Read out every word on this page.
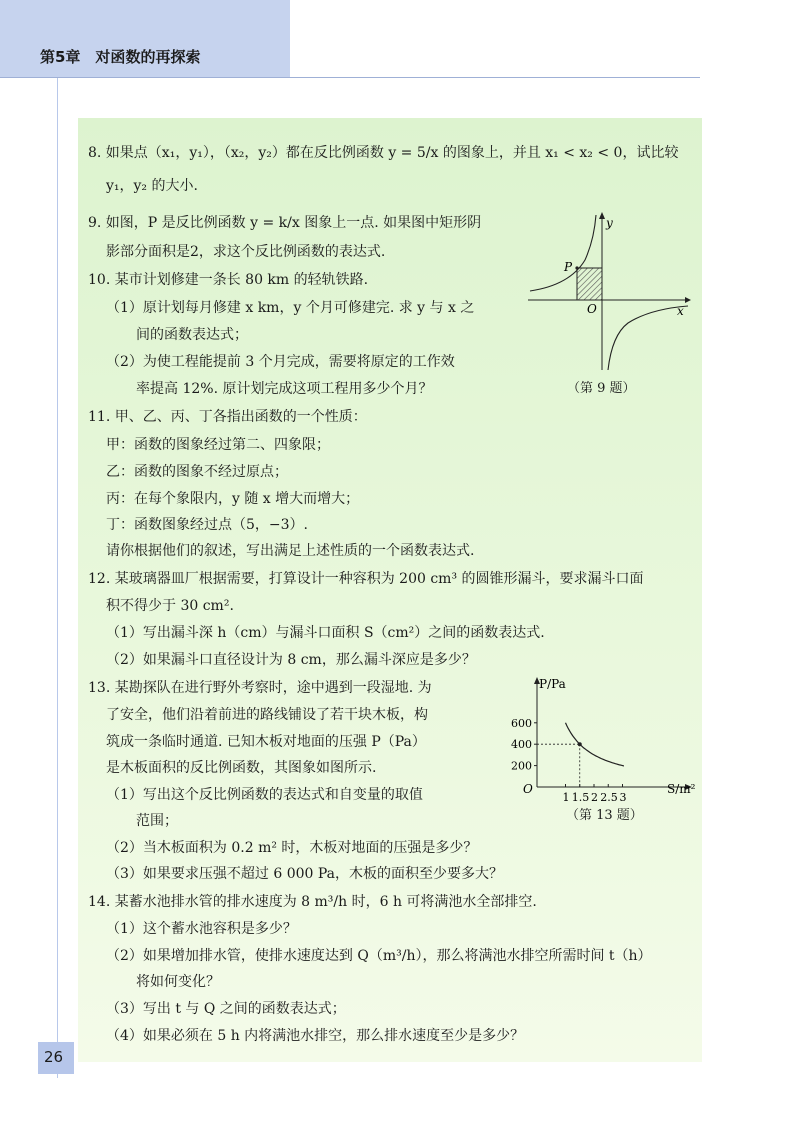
第5章　对函数的再探索
8. 如果点（x₁，y₁），（x₂，y₂）都在反比例函数 y = 5/x 的图象上，并且 x₁ < x₂ < 0，试比较
y₁，y₂ 的大小.
9. 如图，P 是反比例函数 y = k/x 图象上一点. 如果图中矩形阴
影部分面积是2，求这个反比例函数的表达式.
10. 某市计划修建一条长 80 km 的轻轨铁路.
（1）原计划每月修建 x km，y 个月可修建完. 求 y 与 x 之
间的函数表达式；
（2）为使工程能提前 3 个月完成，需要将原定的工作效
率提高 12%. 原计划完成这项工程用多少个月？
11. 甲、乙、丙、丁各指出函数的一个性质：
甲：函数的图象经过第二、四象限；
乙：函数的图象不经过原点；
丙：在每个象限内，y 随 x 增大而增大；
丁：函数图象经过点（5，−3）.
请你根据他们的叙述，写出满足上述性质的一个函数表达式.
12. 某玻璃器皿厂根据需要，打算设计一种容积为 200 cm³ 的圆锥形漏斗，要求漏斗口面
积不得少于 30 cm².
（1）写出漏斗深 h（cm）与漏斗口面积 S（cm²）之间的函数表达式.
（2）如果漏斗口直径设计为 8 cm，那么漏斗深应是多少？
13. 某勘探队在进行野外考察时，途中遇到一段湿地. 为
了安全，他们沿着前进的路线铺设了若干块木板，构
筑成一条临时通道. 已知木板对地面的压强 P（Pa）
是木板面积的反比例函数，其图象如图所示.
（1）写出这个反比例函数的表达式和自变量的取值
范围；
（2）当木板面积为 0.2 m² 时，木板对地面的压强是多少？
（3）如果要求压强不超过 6 000 Pa，木板的面积至少要多大？
14. 某蓄水池排水管的排水速度为 8 m³/h 时，6 h 可将满池水全部排空.
（1）这个蓄水池容积是多少？
（2）如果增加排水管，使排水速度达到 Q（m³/h），那么将满池水排空所需时间 t（h）
将如何变化？
（3）写出 t 与 Q 之间的函数表达式；
（4）如果必须在 5 h 内将满池水排空，那么排水速度至少是多少？
P
y
x
O
（第 9 题）
200
400
600
1 1.5 2 2.5 3
P/Pa
S/m²
O
（第 13 题）
26
